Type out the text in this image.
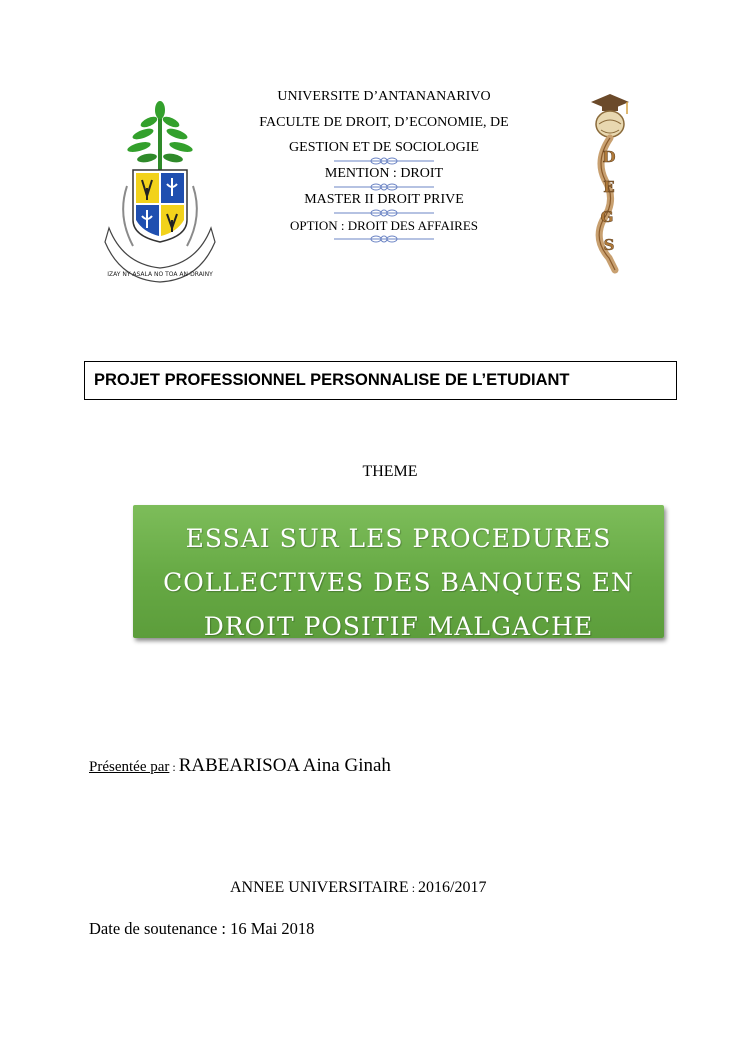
IZAY NY ASALA NO TOA AN-DRAINY
UNIVERSITE D’ANTANANARIVO
FACULTE DE DROIT, D’ECONOMIE, DE
GESTION ET DE SOCIOLOGIE
MENTION : DROIT
MASTER II DROIT PRIVE
OPTION : DROIT DES AFFAIRES
D
E
G
S
PROJET PROFESSIONNEL PERSONNALISE DE L’ETUDIANT
THEME
ESSAI SUR LES PROCEDURES
COLLECTIVES DES BANQUES EN
DROIT POSITIF MALGACHE
Présentée par : RABEARISOA Aina Ginah
ANNEE UNIVERSITAIRE : 2016/2017
Date de soutenance : 16 Mai 2018
